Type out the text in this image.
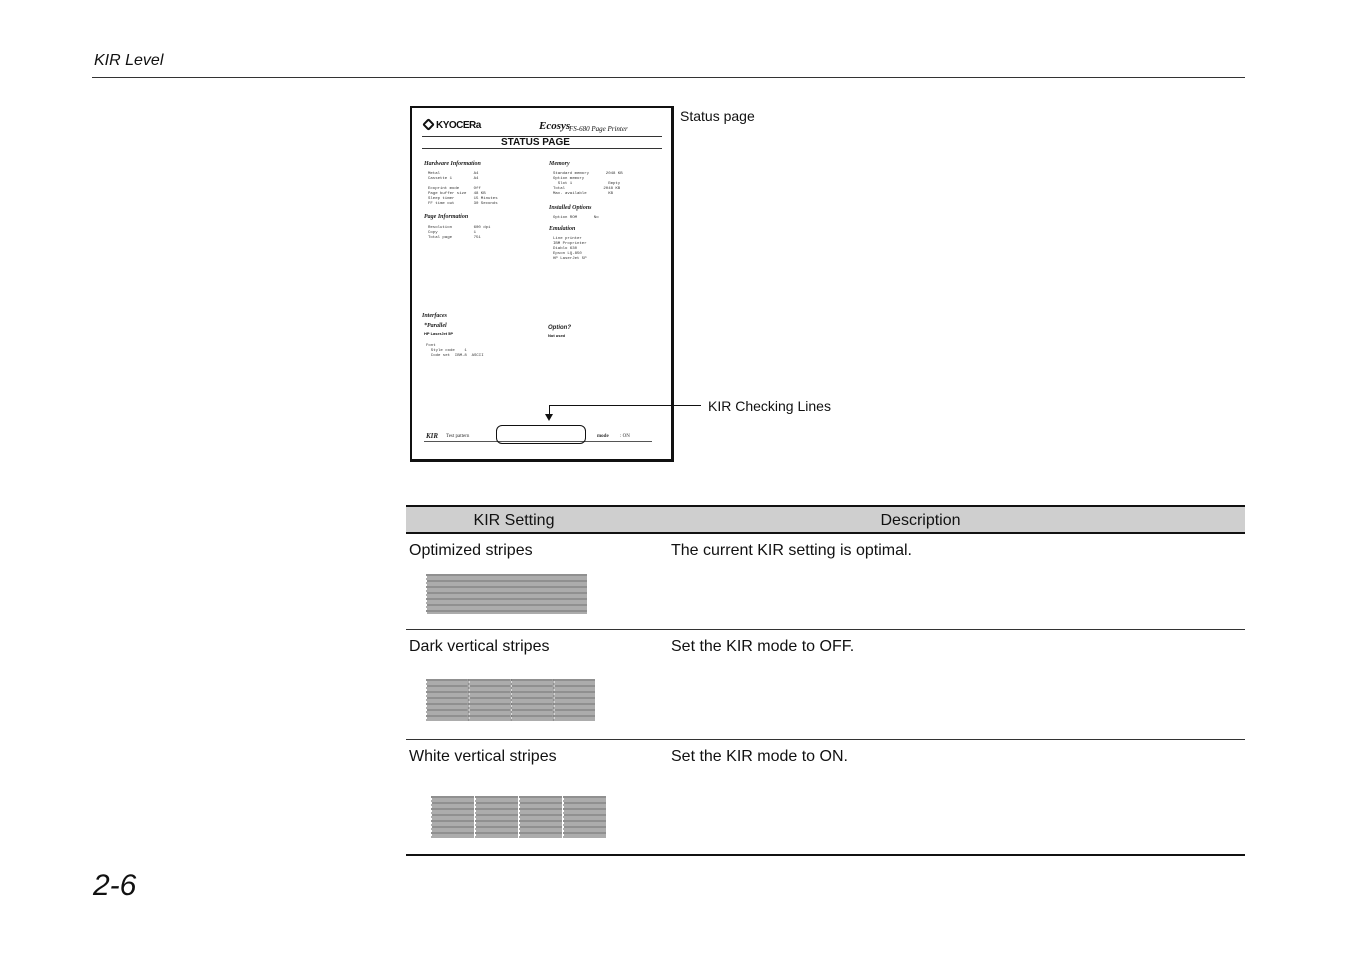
KIR Level
KYOCERa	Ecosys
FS-680 Page Printer
STATUS PAGE
Hardware Information
Metal              A4
Cassette 1         A4

Ecoprint mode      Off
Page buffer size   48 KB
Sleep timer        15 Minutes
FF time out        30 Seconds
Memory
Standard memory       2048 KB
Option memory
Slot 1               Empty
Total                2048 KB
Max. available         KB
Installed Options
Option ROM       No
Page Information
Resolution         600 dpi
Copy               1
Total page         751
Emulation
Line printer
IBM Proprinter
Diablo 630
Epson LQ-850
HP LaserJet 5P
Interfaces
*Parallel
HP LaserJet 5P
Option?
Not used
Font
Style code    1
Code set  IBM-8  ASCII
KIR Test pattern	mode : ON
Status page
KIR Checking Lines
KIR Setting	Description
Optimized stripes	The current KIR setting is optimal.
Dark vertical stripes	Set the KIR mode to OFF.
White vertical stripes	Set the KIR mode to ON.
2-6
